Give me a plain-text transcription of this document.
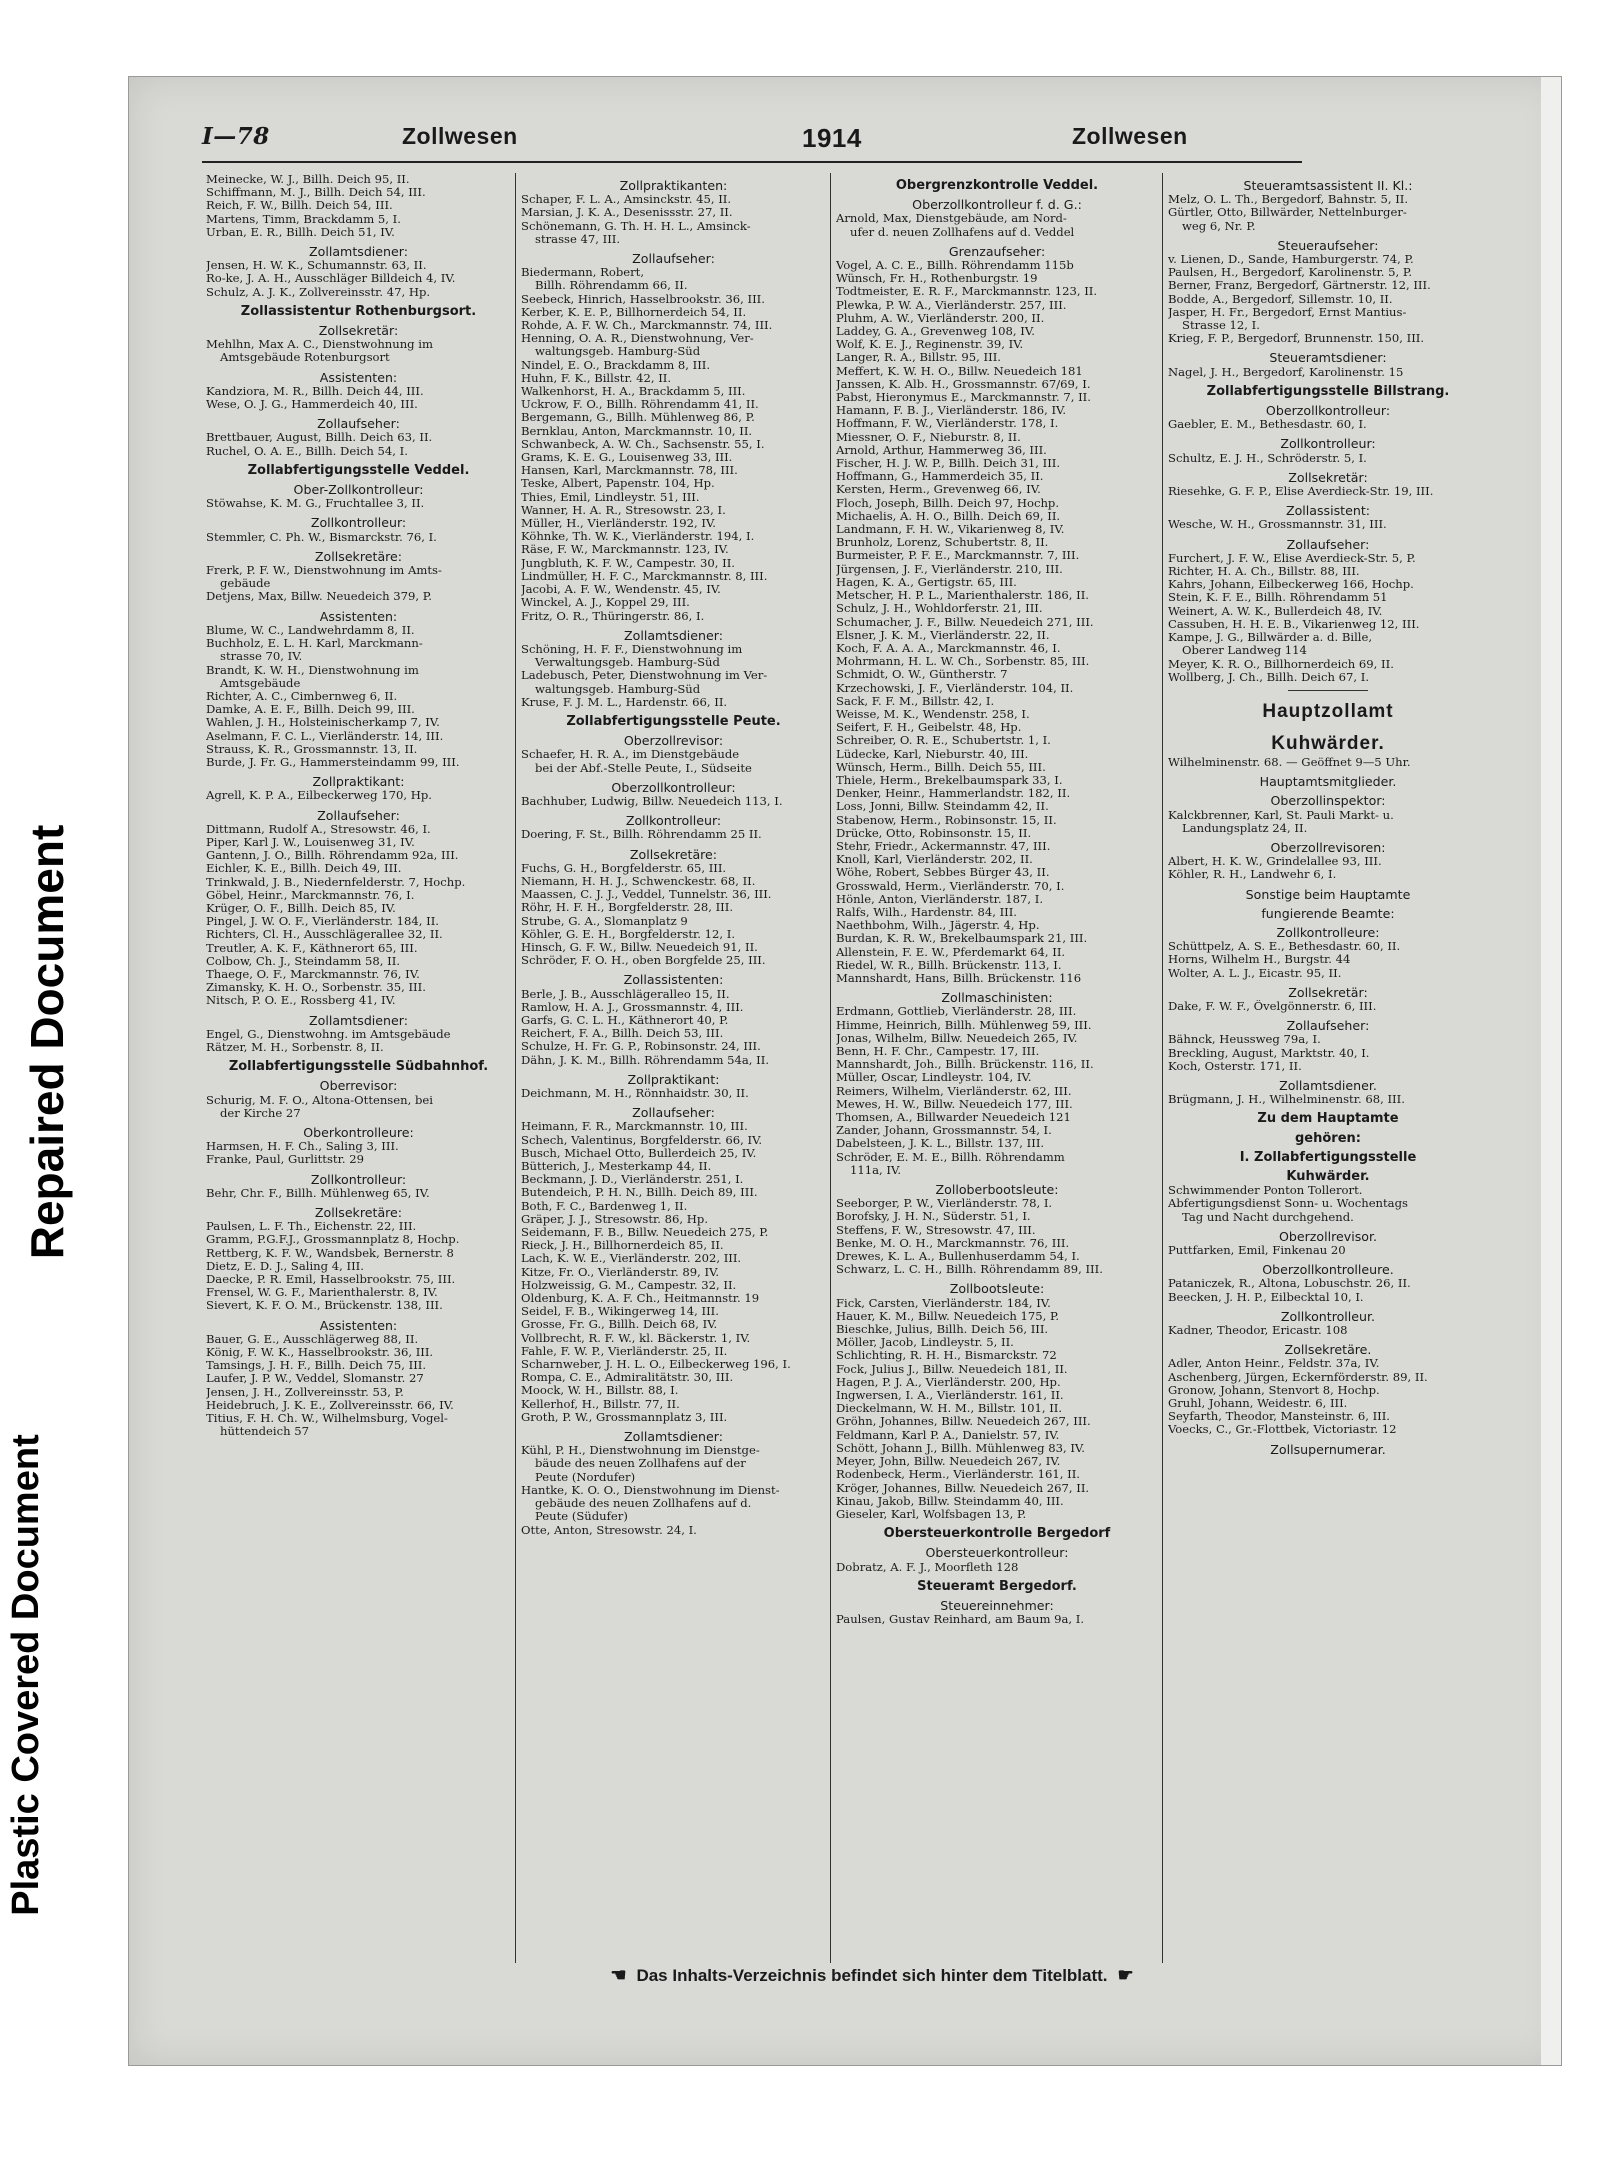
Repaired Document
Plastic Covered Document
I—78	Zollwesen	1914	Zollwesen
Meinecke, W. J., Billh. Deich 95, II.
Schiffmann, M. J., Billh. Deich 54, III.
Reich, F. W., Billh. Deich 54, III.
Martens, Timm, Brackdamm 5, I.
Urban, E. R., Billh. Deich 51, IV.
Zollamtsdiener:
Jensen, H. W. K., Schumannstr. 63, II.
Ro-ke, J. A. H., Ausschläger Billdeich 4, IV.
Schulz, A. J. K., Zollvereinsstr. 47, Hp.
Zollassistentur Rothenburgsort.
Zollsekretär:
Mehlhn, Max A. C., Dienstwohnung im
Amtsgebäude Rotenburgsort
Assistenten:
Kandziora, M. R., Billh. Deich 44, III.
Wese, O. J. G., Hammerdeich 40, III.
Zollaufseher:
Brettbauer, August, Billh. Deich 63, II.
Ruchel, O. A. E., Billh. Deich 54, I.
Zollabfertigungsstelle Veddel.
Ober-Zollkontrolleur:
Stöwahse, K. M. G., Fruchtallee 3, II.
Zollkontrolleur:
Stemmler, C. Ph. W., Bismarckstr. 76, I.
Zollsekretäre:
Frerk, P. F. W., Dienstwohnung im Amts-
gebäude
Detjens, Max, Billw. Neuedeich 379, P.
Assistenten:
Blume, W. C., Landwehrdamm 8, II.
Buchholz, E. L. H. Karl, Marckmann-
strasse 70, IV.
Brandt, K. W. H., Dienstwohnung im
Amtsgebäude
Richter, A. C., Cimbernweg 6, II.
Damke, A. E. F., Billh. Deich 99, III.
Wahlen, J. H., Holsteinischerkamp 7, IV.
Aselmann, F. C. L., Vierländerstr. 14, III.
Strauss, K. R., Grossmannstr. 13, II.
Burde, J. Fr. G., Hammersteindamm 99, III.
Zollpraktikant:
Agrell, K. P. A., Eilbeckerweg 170, Hp.
Zollaufseher:
Dittmann, Rudolf A., Stresowstr. 46, I.
Piper, Karl J. W., Louisenweg 31, IV.
Gantenn, J. O., Billh. Röhrendamm 92a, III.
Eichler, K. E., Billh. Deich 49, III.
Trinkwald, J. B., Niedernfelderstr. 7, Hochp.
Göbel, Heinr., Marckmannstr. 76, I.
Krüger, O. F., Billh. Deich 85, IV.
Pingel, J. W. O. F., Vierländerstr. 184, II.
Richters, Cl. H., Ausschlägerallee 32, II.
Treutler, A. K. F., Käthnerort 65, III.
Colbow, Ch. J., Steindamm 58, II.
Thaege, O. F., Marckmannstr. 76, IV.
Zimansky, K. H. O., Sorbenstr. 35, III.
Nitsch, P. O. E., Rossberg 41, IV.
Zollamtsdiener:
Engel, G., Dienstwohng. im Amtsgebäude
Rätzer, M. H., Sorbenstr. 8, II.
Zollabfertigungsstelle Südbahnhof.
Oberrevisor:
Schurig, M. F. O., Altona-Ottensen, bei
der Kirche 27
Oberkontrolleure:
Harmsen, H. F. Ch., Saling 3, III.
Franke, Paul, Gurlittstr. 29
Zollkontrolleur:
Behr, Chr. F., Billh. Mühlenweg 65, IV.
Zollsekretäre:
Paulsen, L. F. Th., Eichenstr. 22, III.
Gramm, P.G.F.J., Grossmannplatz 8, Hochp.
Rettberg, K. F. W., Wandsbek, Bernerstr. 8
Dietz, E. D. J., Saling 4, III.
Daecke, P. R. Emil, Hasselbrookstr. 75, III.
Frensel, W. G. F., Marienthalerstr. 8, IV.
Sievert, K. F. O. M., Brückenstr. 138, III.
Assistenten:
Bauer, G. E., Ausschlägerweg 88, II.
König, F. W. K., Hasselbrookstr. 36, III.
Tamsings, J. H. F., Billh. Deich 75, III.
Laufer, J. P. W., Veddel, Slomanstr. 27
Jensen, J. H., Zollvereinsstr. 53, P.
Heidebruch, J. K. E., Zollvereinsstr. 66, IV.
Titius, F. H. Ch. W., Wilhelmsburg, Vogel-
hüttendeich 57
Zollpraktikanten:
Schaper, F. L. A., Amsinckstr. 45, II.
Marsian, J. K. A., Desenissstr. 27, II.
Schönemann, G. Th. H. H. L., Amsinck-
strasse 47, III.
Zollaufseher:
Biedermann, Robert,
Billh. Röhrendamm 66, II.
Seebeck, Hinrich, Hasselbrookstr. 36, III.
Kerber, K. E. P., Billhornerdeich 54, II.
Rohde, A. F. W. Ch., Marckmannstr. 74, III.
Henning, O. A. R., Dienstwohnung, Ver-
waltungsgeb. Hamburg-Süd
Nindel, E. O., Brackdamm 8, III.
Huhn, F. K., Billstr. 42, II.
Walkenhorst, H. A., Brackdamm 5, III.
Uckrow, F. O., Billh. Röhrendamm 41, II.
Bergemann, G., Billh. Mühlenweg 86, P.
Bernklau, Anton, Marckmannstr. 10, II.
Schwanbeck, A. W. Ch., Sachsenstr. 55, I.
Grams, K. E. G., Louisenweg 33, III.
Hansen, Karl, Marckmannstr. 78, III.
Teske, Albert, Papenstr. 104, Hp.
Thies, Emil, Lindleystr. 51, III.
Wanner, H. A. R., Stresowstr. 23, I.
Müller, H., Vierländerstr. 192, IV.
Köhnke, Th. W. K., Vierländerstr. 194, I.
Räse, F. W., Marckmannstr. 123, IV.
Jungbluth, K. F. W., Campestr. 30, II.
Lindmüller, H. F. C., Marckmannstr. 8, III.
Jacobi, A. F. W., Wendenstr. 45, IV.
Winckel, A. J., Koppel 29, III.
Fritz, O. R., Thüringerstr. 86, I.
Zollamtsdiener:
Schöning, H. F. F., Dienstwohnung im
Verwaltungsgeb. Hamburg-Süd
Ladebusch, Peter, Dienstwohnung im Ver-
waltungsgeb. Hamburg-Süd
Kruse, F. J. M. L., Hardenstr. 66, II.
Zollabfertigungsstelle Peute.
Oberzollrevisor:
Schaefer, H. R. A., im Dienstgebäude
bei der Abf.-Stelle Peute, I., Südseite
Oberzollkontrolleur:
Bachhuber, Ludwig, Billw. Neuedeich 113, I.
Zollkontrolleur:
Doering, F. St., Billh. Röhrendamm 25 II.
Zollsekretäre:
Fuchs, G. H., Borgfelderstr. 65, III.
Niemann, H. H. J., Schwenckestr. 68, II.
Maassen, C. J. J., Veddel, Tunnelstr. 36, III.
Röhr, H. F. H., Borgfelderstr. 28, III.
Strube, G. A., Slomanplatz 9
Köhler, G. E. H., Borgfelderstr. 12, I.
Hinsch, G. F. W., Billw. Neuedeich 91, II.
Schröder, F. O. H., oben Borgfelde 25, III.
Zollassistenten:
Berle, J. B., Ausschlägeralleo 15, II.
Ramlow, H. A. J., Grossmannstr. 4, III.
Garfs, G. C. L. H., Käthnerort 40, P.
Reichert, F. A., Billh. Deich 53, III.
Schulze, H. Fr. G. P., Robinsonstr. 24, III.
Dähn, J. K. M., Billh. Röhrendamm 54a, II.
Zollpraktikant:
Deichmann, M. H., Rönnhaidstr. 30, II.
Zollaufseher:
Heimann, F. R., Marckmannstr. 10, III.
Schech, Valentinus, Borgfelderstr. 66, IV.
Busch, Michael Otto, Bullerdeich 25, IV.
Bütterich, J., Mesterkamp 44, II.
Beckmann, J. D., Vierländerstr. 251, I.
Butendeich, P. H. N., Billh. Deich 89, III.
Both, F. C., Bardenweg 1, II.
Gräper, J. J., Stresowstr. 86, Hp.
Seidemann, F. B., Billw. Neuedeich 275, P.
Rieck, J. H., Billhornerdeich 85, II.
Lach, K. W. E., Vierländerstr. 202, III.
Kitze, Fr. O., Vierländerstr. 89, IV.
Holzweissig, G. M., Campestr. 32, II.
Oldenburg, K. A. F. Ch., Heitmannstr. 19
Seidel, F. B., Wikingerweg 14, III.
Grosse, Fr. G., Billh. Deich 68, IV.
Vollbrecht, R. F. W., kl. Bäckerstr. 1, IV.
Fahle, F. W. P., Vierländerstr. 25, II.
Scharnweber, J. H. L. O., Eilbeckerweg 196, I.
Rompa, C. E., Admiralitätstr. 30, III.
Moock, W. H., Billstr. 88, I.
Kellerhof, H., Billstr. 77, II.
Groth, P. W., Grossmannplatz 3, III.
Zollamtsdiener:
Kühl, P. H., Dienstwohnung im Dienstge-
bäude des neuen Zollhafens auf der
Peute (Nordufer)
Hantke, K. O. O., Dienstwohnung im Dienst-
gebäude des neuen Zollhafens auf d.
Peute (Südufer)
Otte, Anton, Stresowstr. 24, I.
Obergrenzkontrolle Veddel.
Oberzollkontrolleur f. d. G.:
Arnold, Max, Dienstgebäude, am Nord-
ufer d. neuen Zollhafens auf d. Veddel
Grenzaufseher:
Vogel, A. C. E., Billh. Röhrendamm 115b
Wünsch, Fr. H., Rothenburgstr. 19
Todtmeister, E. R. F., Marckmannstr. 123, II.
Plewka, P. W. A., Vierländerstr. 257, III.
Pluhm, A. W., Vierländerstr. 200, II.
Laddey, G. A., Grevenweg 108, IV.
Wolf, K. E. J., Reginenstr. 39, IV.
Langer, R. A., Billstr. 95, III.
Meffert, K. W. H. O., Billw. Neuedeich 181
Janssen, K. Alb. H., Grossmannstr. 67/69, I.
Pabst, Hieronymus E., Marckmannstr. 7, II.
Hamann, F. B. J., Vierländerstr. 186, IV.
Hoffmann, F. W., Vierländerstr. 178, I.
Miessner, O. F., Nieburstr. 8, II.
Arnold, Arthur, Hammerweg 36, III.
Fischer, H. J. W. P., Billh. Deich 31, III.
Hoffmann, G., Hammerdeich 35, II.
Kersten, Herm., Grevenweg 66, IV.
Floch, Joseph, Billh. Deich 97, Hochp.
Michaelis, A. H. O., Billh. Deich 69, II.
Landmann, F. H. W., Vikarienweg 8, IV.
Brunholz, Lorenz, Schubertstr. 8, II.
Burmeister, P. F. E., Marckmannstr. 7, III.
Jürgensen, J. F., Vierländerstr. 210, III.
Hagen, K. A., Gertigstr. 65, III.
Metscher, H. P. L., Marienthalerstr. 186, II.
Schulz, J. H., Wohldorferstr. 21, III.
Schumacher, J. F., Billw. Neuedeich 271, III.
Elsner, J. K. M., Vierländerstr. 22, II.
Koch, F. A. A. A., Marckmannstr. 46, I.
Mohrmann, H. L. W. Ch., Sorbenstr. 85, III.
Schmidt, O. W., Güntherstr. 7
Krzechowski, J. F., Vierländerstr. 104, II.
Sack, F. F. M., Billstr. 42, I.
Weisse, M. K., Wendenstr. 258, I.
Seifert, F. H., Geibelstr. 48, Hp.
Schreiber, O. R. E., Schubertstr. 1, I.
Lüdecke, Karl, Nieburstr. 40, III.
Wünsch, Herm., Billh. Deich 55, III.
Thiele, Herm., Brekelbaumspark 33, I.
Denker, Heinr., Hammerlandstr. 182, II.
Loss, Jonni, Billw. Steindamm 42, II.
Stabenow, Herm., Robinsonstr. 15, II.
Drücke, Otto, Robinsonstr. 15, II.
Stehr, Friedr., Ackermannstr. 47, III.
Knoll, Karl, Vierländerstr. 202, II.
Wöhe, Robert, Sebbes Bürger 43, II.
Grosswald, Herm., Vierländerstr. 70, I.
Hönle, Anton, Vierländerstr. 187, I.
Ralfs, Wilh., Hardenstr. 84, III.
Naethbohm, Wilh., Jägerstr. 4, Hp.
Burdan, K. R. W., Brekelbaumspark 21, III.
Allenstein, F. E. W., Pferdemarkt 64, II.
Riedel, W. R., Billh. Brückenstr. 113, I.
Mannshardt, Hans, Billh. Brückenstr. 116
Zollmaschinisten:
Erdmann, Gottlieb, Vierländerstr. 28, III.
Himme, Heinrich, Billh. Mühlenweg 59, III.
Jonas, Wilhelm, Billw. Neuedeich 265, IV.
Benn, H. F. Chr., Campestr. 17, III.
Mannshardt, Joh., Billh. Brückenstr. 116, II.
Müller, Oscar, Lindleystr. 104, IV.
Reimers, Wilhelm, Vierländerstr. 62, III.
Mewes, H. W., Billw. Neuedeich 177, III.
Thomsen, A., Billwarder Neuedeich 121
Zander, Johann, Grossmannstr. 54, I.
Dabelsteen, J. K. L., Billstr. 137, III.
Schröder, E. M. E., Billh. Röhrendamm
111a, IV.
Zolloberbootsleute:
Seeborger, P. W., Vierländerstr. 78, I.
Borofsky, J. H. N., Süderstr. 51, I.
Steffens, F. W., Stresowstr. 47, III.
Benke, M. O. H., Marckmannstr. 76, III.
Drewes, K. L. A., Bullenhuserdamm 54, I.
Schwarz, L. C. H., Billh. Röhrendamm 89, III.
Zollbootsleute:
Fick, Carsten, Vierländerstr. 184, IV.
Hauer, K. M., Billw. Neuedeich 175, P.
Bieschke, Julius, Billh. Deich 56, III.
Möller, Jacob, Lindleystr. 5, II.
Schlichting, R. H. H., Bismarckstr. 72
Fock, Julius J., Billw. Neuedeich 181, II.
Hagen, P. J. A., Vierländerstr. 200, Hp.
Ingwersen, I. A., Vierländerstr. 161, II.
Dieckelmann, W. H. M., Billstr. 101, II.
Gröhn, Johannes, Billw. Neuedeich 267, III.
Feldmann, Karl P. A., Danielstr. 57, IV.
Schött, Johann J., Billh. Mühlenweg 83, IV.
Meyer, John, Billw. Neuedeich 267, IV.
Rodenbeck, Herm., Vierländerstr. 161, II.
Kröger, Johannes, Billw. Neuedeich 267, II.
Kinau, Jakob, Billw. Steindamm 40, III.
Gieseler, Karl, Wolfsbagen 13, P.
Obersteuerkontrolle Bergedorf
Obersteuerkontrolleur:
Dobratz, A. F. J., Moorfleth 128
Steueramt Bergedorf.
Steuereinnehmer:
Paulsen, Gustav Reinhard, am Baum 9a, I.
Steueramtsassistent II. Kl.:
Melz, O. L. Th., Bergedorf, Bahnstr. 5, II.
Gürtler, Otto, Billwärder, Nettelnburger-
weg 6, Nr. P.
Steueraufseher:
v. Lienen, D., Sande, Hamburgerstr. 74, P.
Paulsen, H., Bergedorf, Karolinenstr. 5, P.
Berner, Franz, Bergedorf, Gärtnerstr. 12, III.
Bodde, A., Bergedorf, Sillemstr. 10, II.
Jasper, H. Fr., Bergedorf, Ernst Mantius-
Strasse 12, I.
Krieg, F. P., Bergedorf, Brunnenstr. 150, III.
Steueramtsdiener:
Nagel, J. H., Bergedorf, Karolinenstr. 15
Zollabfertigungsstelle Billstrang.
Oberzollkontrolleur:
Gaebler, E. M., Bethesdastr. 60, I.
Zollkontrolleur:
Schultz, E. J. H., Schröderstr. 5, I.
Zollsekretär:
Riesehke, G. F. P., Elise Averdieck-Str. 19, III.
Zollassistent:
Wesche, W. H., Grossmannstr. 31, III.
Zollaufseher:
Furchert, J. F. W., Elise Averdieck-Str. 5, P.
Richter, H. A. Ch., Billstr. 88, III.
Kahrs, Johann, Eilbeckerweg 166, Hochp.
Stein, K. F. E., Billh. Röhrendamm 51
Weinert, A. W. K., Bullerdeich 48, IV.
Cassuben, H. H. E. B., Vikarienweg 12, III.
Kampe, J. G., Billwärder a. d. Bille,
Oberer Landweg 114
Meyer, K. R. O., Billhornerdeich 69, II.
Wollberg, J. Ch., Billh. Deich 67, I.
Hauptzollamt
Kuhwärder.
Wilhelminenstr. 68. — Geöffnet 9—5 Uhr.
Hauptamtsmitglieder.
Oberzollinspektor:
Kalckbrenner, Karl, St. Pauli Markt- u.
Landungsplatz 24, II.
Oberzollrevisoren:
Albert, H. K. W., Grindelallee 93, III.
Köhler, R. H., Landwehr 6, I.
Sonstige beim Hauptamte
fungierende Beamte:
Zollkontrolleure:
Schüttpelz, A. S. E., Bethesdastr. 60, II.
Horns, Wilhelm H., Burgstr. 44
Wolter, A. L. J., Eicastr. 95, II.
Zollsekretär:
Dake, F. W. F., Övelgönnerstr. 6, III.
Zollaufseher:
Bähnck, Heussweg 79a, I.
Breckling, August, Marktstr. 40, I.
Koch, Osterstr. 171, II.
Zollamtsdiener.
Brügmann, J. H., Wilhelminenstr. 68, III.
Zu dem Hauptamte
gehören:
I. Zollabfertigungsstelle
Kuhwärder.
Schwimmender Ponton Tollerort.
Abfertigungsdienst Sonn- u. Wochentags
Tag und Nacht durchgehend.
Oberzollrevisor.
Puttfarken, Emil, Finkenau 20
Oberzollkontrolleure.
Pataniczek, R., Altona, Lobuschstr. 26, II.
Beecken, J. H. P., Eilbecktal 10, I.
Zollkontrolleur.
Kadner, Theodor, Ericastr. 108
Zollsekretäre.
Adler, Anton Heinr., Feldstr. 37a, IV.
Aschenberg, Jürgen, Eckernförderstr. 89, II.
Gronow, Johann, Stenvort 8, Hochp.
Gruhl, Johann, Weidestr. 6, III.
Seyfarth, Theodor, Mansteinstr. 6, III.
Voecks, C., Gr.-Flottbek, Victoriastr. 12
Zollsupernumerar.
☚ Das Inhalts-Verzeichnis befindet sich hinter dem Titelblatt. ☛
